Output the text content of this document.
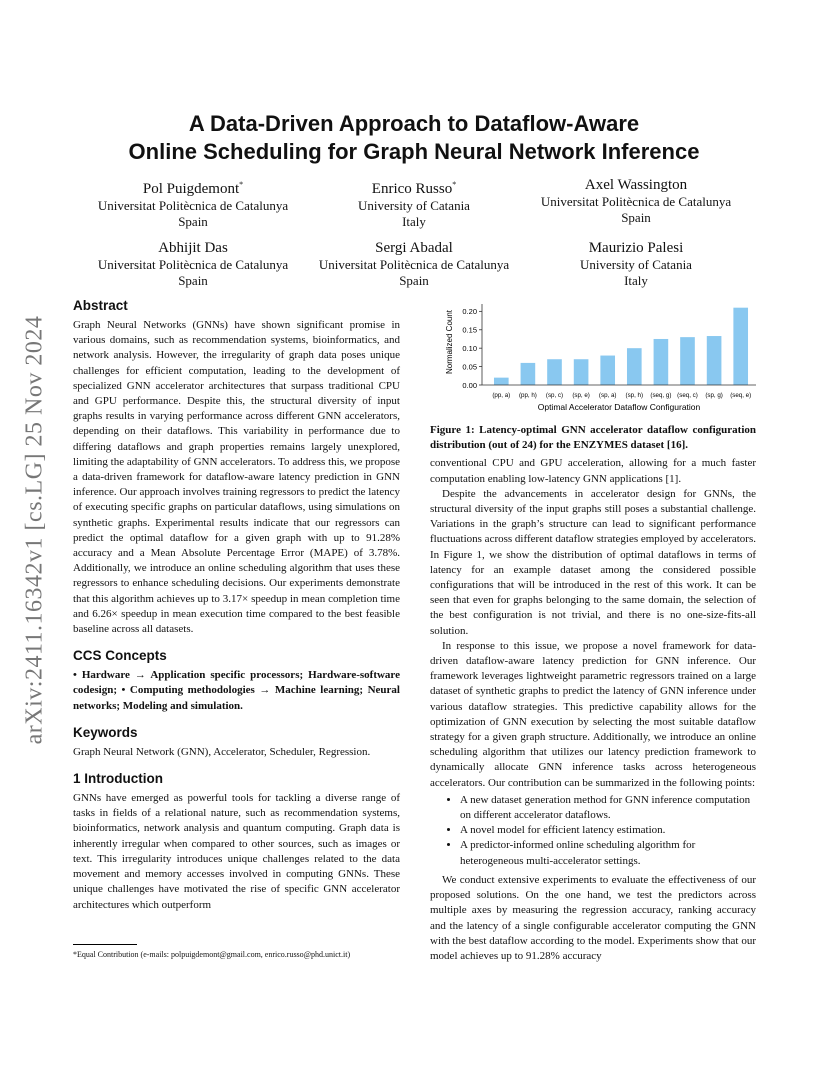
arXiv:2411.16342v1 [cs.LG] 25 Nov 2024
A Data-Driven Approach to Dataflow-Aware
Online Scheduling for Graph Neural Network Inference
Pol Puigdemont*
Universitat Politècnica de Catalunya
Spain
Enrico Russo*
University of Catania
Italy
Axel Wassington
Universitat Politècnica de Catalunya
Spain
Abhijit Das
Universitat Politècnica de Catalunya
Spain
Sergi Abadal
Universitat Politècnica de Catalunya
Spain
Maurizio Palesi
University of Catania
Italy
Abstract

Graph Neural Networks (GNNs) have shown significant promise in various domains, such as recommendation systems, bioinformatics, and network analysis. However, the irregularity of graph data poses unique challenges for efficient computation, leading to the development of specialized GNN accelerator architectures that surpass traditional CPU and GPU performance. Despite this, the structural diversity of input graphs results in varying performance across different GNN accelerators, depending on their dataflows. This variability in performance due to differing dataflows and graph properties remains largely unexplored, limiting the adaptability of GNN accelerators. To address this, we propose a data-driven framework for dataflow-aware latency prediction in GNN inference. Our approach involves training regressors to predict the latency of executing specific graphs on particular dataflows, using simulations on synthetic graphs. Experimental results indicate that our regressors can predict the optimal dataflow for a given graph with up to 91.28% accuracy and a Mean Absolute Percentage Error (MAPE) of 3.78%. Additionally, we introduce an online scheduling algorithm that uses these regressors to enhance scheduling decisions. Our experiments demonstrate that this algorithm achieves up to 3.17× speedup in mean completion time and 6.26× speedup in mean execution time compared to the best feasible baseline across all datasets.

CCS Concepts

• Hardware → Application specific processors; Hardware-software codesign; • Computing methodologies → Machine learning; Neural networks; Modeling and simulation.

Keywords

Graph Neural Network (GNN), Accelerator, Scheduler, Regression.

1 Introduction

GNNs have emerged as powerful tools for tackling a diverse range of tasks in fields of a relational nature, such as recommendation systems, bioinformatics, network analysis and quantum computing. Graph data is inherently irregular when compared to other sources, such as images or text. This irregularity introduces unique challenges related to the data movement and memory accesses involved in computing GNNs. These unique challenges have motivated the rise of specific GNN accelerator architectures which outperform

*Equal Contribution (e-mails: polpuigdemont@gmail.com, enrico.russo@phd.unict.it)
Normalized Count
0.00
0.05
0.10
0.15
0.20
(pp, a) (pp, h) (sp, c) (sp, e) (sp, a) (sp, h) (seq, g) (seq, c) (sp, g) (seq, e)
Optimal Accelerator Dataflow Configuration

Figure 1: Latency-optimal GNN accelerator dataflow configuration distribution (out of 24) for the ENZYMES dataset [16].

conventional CPU and GPU acceleration, allowing for a much faster computation enabling low-latency GNN applications [1].

Despite the advancements in accelerator design for GNNs, the structural diversity of the input graphs still poses a substantial challenge. Variations in the graph’s structure can lead to significant performance fluctuations across different dataflow strategies employed by accelerators. In Figure 1, we show the distribution of optimal dataflows in terms of latency for an example dataset among the considered possible configurations that will be introduced in the rest of this work. It can be seen that even for graphs belonging to the same domain, the selection of the best configuration is not trivial, and there is no one-size-fits-all solution.

In response to this issue, we propose a novel framework for data-driven dataflow-aware latency prediction for GNN inference. Our framework leverages lightweight parametric regressors trained on a large dataset of synthetic graphs to predict the latency of GNN inference under various dataflow strategies. This predictive capability allows for the optimization of GNN execution by selecting the most suitable dataflow strategy for a given graph structure. Additionally, we introduce an online scheduling algorithm that utilizes our latency prediction framework to dynamically allocate GNN inference tasks across heterogeneous accelerators. Our contribution can be summarized in the following points:

• A new dataset generation method for GNN inference computation on different accelerator dataflows.
• A novel model for efficient latency estimation.
• A predictor-informed online scheduling algorithm for heterogeneous multi-accelerator settings.

We conduct extensive experiments to evaluate the effectiveness of our proposed solutions. On the one hand, we test the predictors across multiple axes by measuring the regression accuracy, ranking accuracy and the latency of a single configurable accelerator computing the GNN with the best dataflow according to the model. Experiments show that our model achieves up to 91.28% accuracy
